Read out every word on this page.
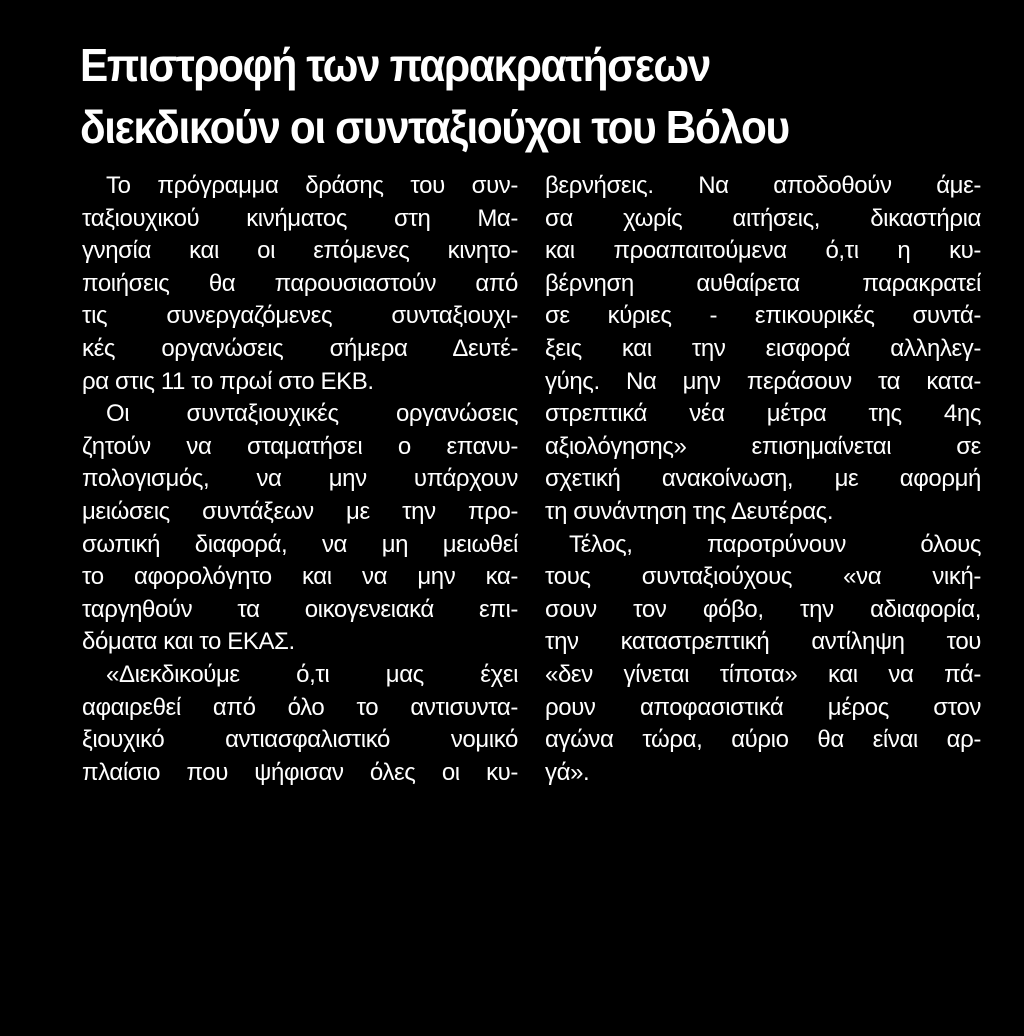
Επιστροφή των παρακρατήσεων
διεκδικούν οι συνταξιούχοι του Βόλου
Το πρόγραμμα δράσης του συν-
ταξιουχικού κινήματος στη Μα-
γνησία και οι επόμενες κινητο-
ποιήσεις θα παρουσιαστούν από
τις συνεργαζόμενες συνταξιουχι-
κές οργανώσεις σήμερα Δευτέ-
ρα στις 11 το πρωί στο ΕΚΒ.
Οι συνταξιουχικές οργανώσεις
ζητούν να σταματήσει ο επανυ-
πολογισμός, να μην υπάρχουν
μειώσεις συντάξεων με την προ-
σωπική διαφορά, να μη μειωθεί
το αφορολόγητο και να μην κα-
ταργηθούν τα οικογενειακά επι-
δόματα και το ΕΚΑΣ.
«Διεκδικούμε ό,τι μας έχει
αφαιρεθεί από όλο το αντισυντα-
ξιουχικό αντιασφαλιστικό νομικό
πλαίσιο που ψήφισαν όλες οι κυ-
βερνήσεις. Να αποδοθούν άμε-
σα χωρίς αιτήσεις, δικαστήρια
και προαπαιτούμενα ό,τι η κυ-
βέρνηση αυθαίρετα παρακρατεί
σε κύριες - επικουρικές συντά-
ξεις και την εισφορά αλληλεγ-
γύης. Να μην περάσουν τα κατα-
στρεπτικά νέα μέτρα της 4ης
αξιολόγησης» επισημαίνεται σε
σχετική ανακοίνωση, με αφορμή
τη συνάντηση της Δευτέρας.
Τέλος, παροτρύνουν όλους
τους συνταξιούχους «να νική-
σουν τον φόβο, την αδιαφορία,
την καταστρεπτική αντίληψη του
«δεν γίνεται τίποτα» και να πά-
ρουν αποφασιστικά μέρος στον
αγώνα τώρα, αύριο θα είναι αρ-
γά».
